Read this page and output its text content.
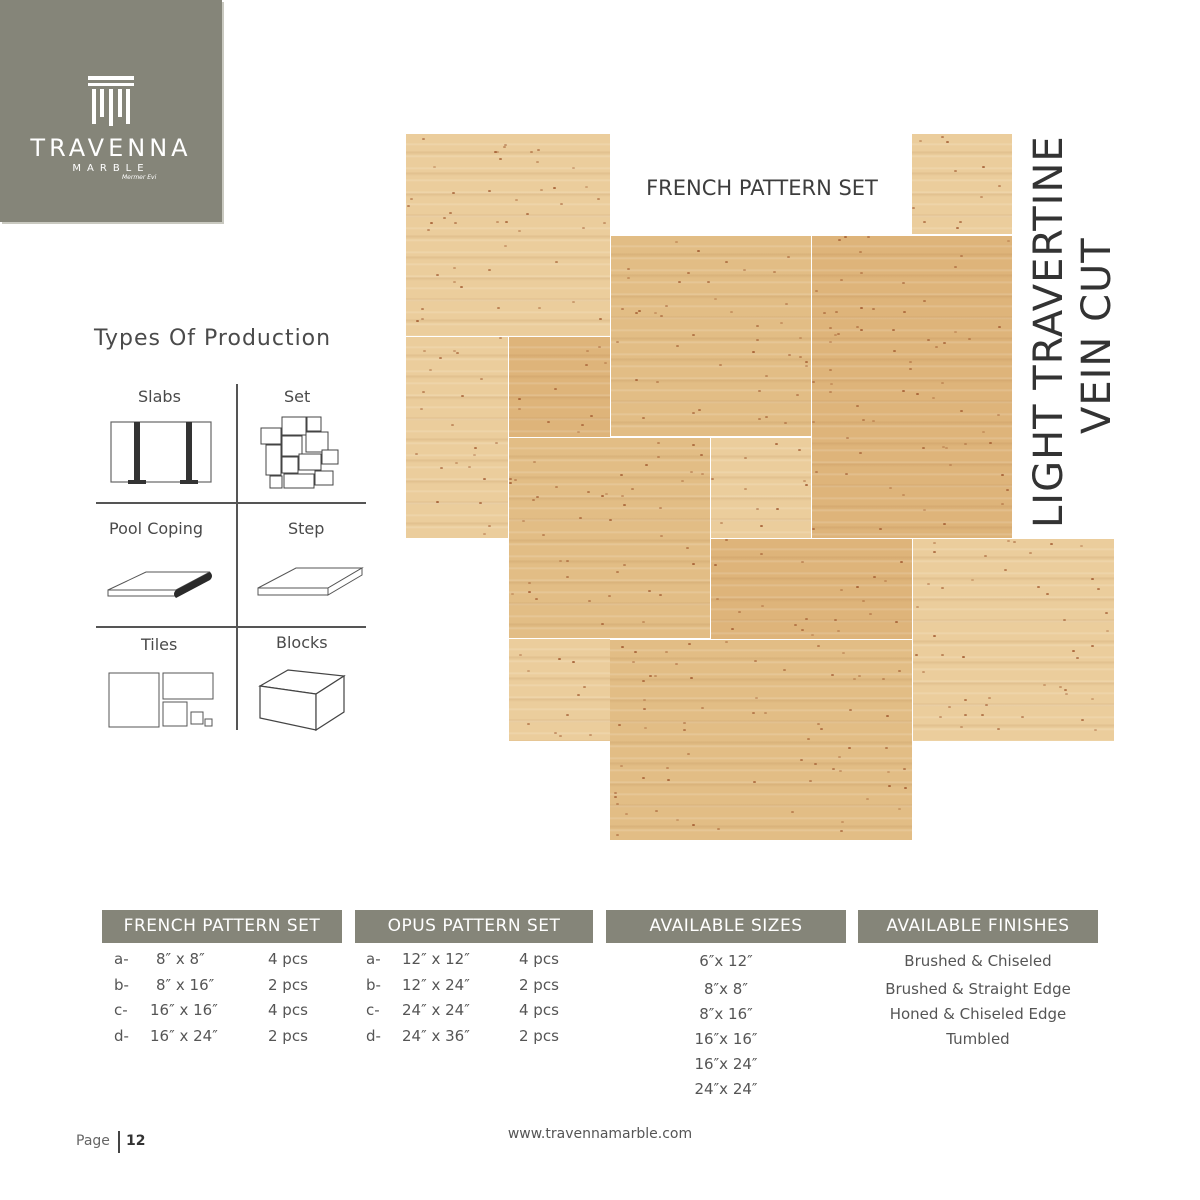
TRAVENNA
MARBLE
Mermer Evi
Types Of Production
Slabs	Set
Pool Coping	Step
Tiles	Blocks
FRENCH PATTERN SET	LIGHT TRAVERTINE VEIN CUT
FRENCH PATTERN SET	OPUS PATTERN SET	AVAILABLE SIZES	AVAILABLE FINISHES
a- 8″ x 8″	4 pcs
b- 8″ x 16″	2 pcs
c- 16″ x 16″	4 pcs
d- 16″ x 24″	2 pcs
a- 12″ x 12″	4 pcs
b- 12″ x 24″	2 pcs
c- 24″ x 24″	4 pcs
d- 24″ x 36″	2 pcs
6″x 12″
8″x 8″
8″x 16″
16″x 16″
16″x 24″
24″x 24″
Brushed & Chiseled
Brushed & Straight Edge
Honed & Chiseled Edge
Tumbled
Page 12	www.travennamarble.com
